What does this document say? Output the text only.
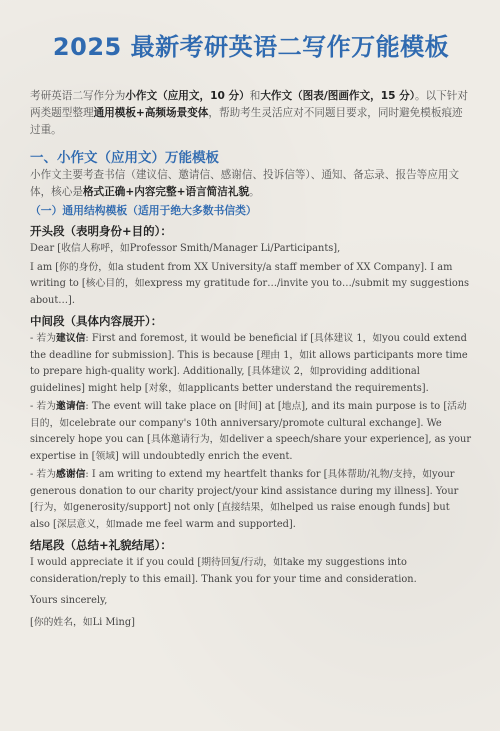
2025 最新考研英语二写作万能模板
考研英语二写作分为小作文（应用文，10 分）和大作文（图表/图画作文，15 分）。以下针对两类题型整理通用模板+高频场景变体，帮助考生灵活应对不同题目要求，同时避免模板痕迹过重。
一、小作文（应用文）万能模板
小作文主要考查书信（建议信、邀请信、感谢信、投诉信等）、通知、备忘录、报告等应用文体，核心是格式正确+内容完整+语言简洁礼貌。
（一）通用结构模板（适用于绝大多数书信类）
开头段（表明身份+目的）：
Dear [收信人称呼，如Professor Smith/Manager Li/Participants],
I am [你的身份，如a student from XX University/a staff member of XX Company]. I am writing to [核心目的，如express my gratitude for…/invite you to…/submit my suggestions about…].
中间段（具体内容展开）：
- 若为建议信: First and foremost, it would be beneficial if [具体建议 1，如you could extend the deadline for submission]. This is because [理由 1，如it allows participants more time to prepare high-quality work]. Additionally, [具体建议 2，如providing additional guidelines] might help [对象，如applicants better understand the requirements].
- 若为邀请信: The event will take place on [时间] at [地点], and its main purpose is to [活动目的，如celebrate our company's 10th anniversary/promote cultural exchange]. We sincerely hope you can [具体邀请行为，如deliver a speech/share your experience], as your expertise in [领域] will undoubtedly enrich the event.
- 若为感谢信: I am writing to extend my heartfelt thanks for [具体帮助/礼物/支持，如your generous donation to our charity project/your kind assistance during my illness]. Your [行为，如generosity/support] not only [直接结果，如helped us raise enough funds] but also [深层意义，如made me feel warm and supported].
结尾段（总结+礼貌结尾）：
I would appreciate it if you could [期待回复/行动，如take my suggestions into consideration/reply to this email]. Thank you for your time and consideration.
Yours sincerely,
[你的姓名，如Li Ming]
